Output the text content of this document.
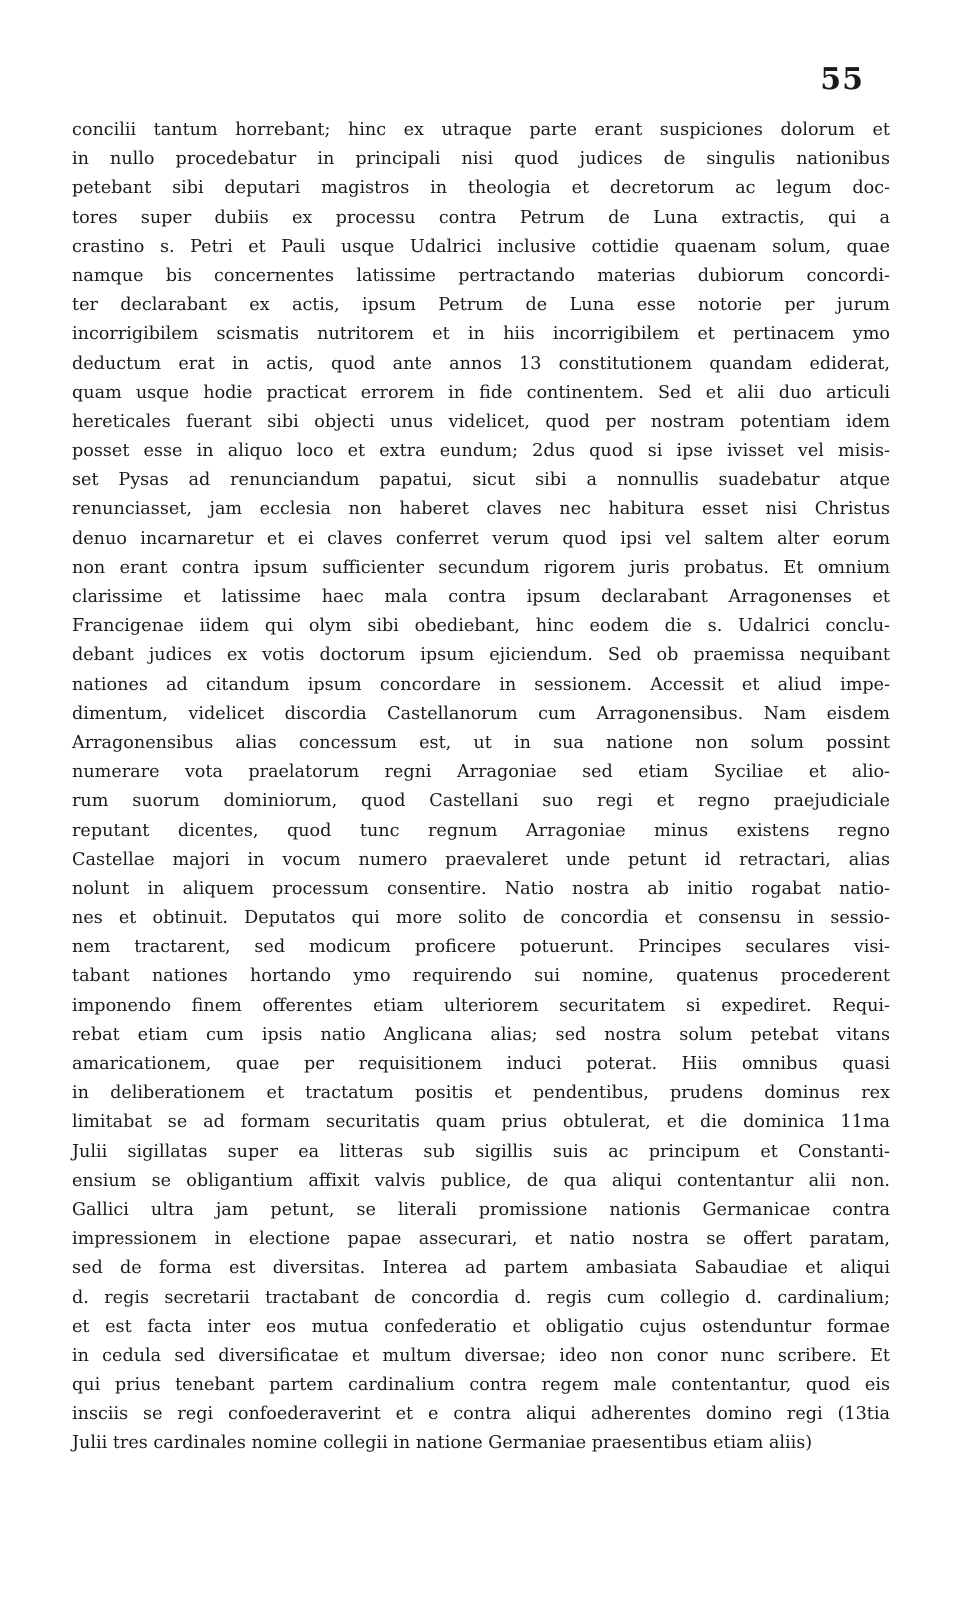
55
concilii tantum horrebant; hinc ex utraque parte erant suspiciones dolorum et
in nullo procedebatur in principali nisi quod judices de singulis nationibus
petebant sibi deputari magistros in theologia et decretorum ac legum doc-
tores super dubiis ex processu contra Petrum de Luna extractis, qui a
crastino s. Petri et Pauli usque Udalrici inclusive cottidie quaenam solum, quae
namque bis concernentes latissime pertractando materias dubiorum concordi-
ter declarabant ex actis, ipsum Petrum de Luna esse notorie per jurum
incorrigibilem scismatis nutritorem et in hiis incorrigibilem et pertinacem ymo
deductum erat in actis, quod ante annos 13 constitutionem quandam ediderat,
quam usque hodie practicat errorem in fide continentem. Sed et alii duo articuli
hereticales fuerant sibi objecti unus videlicet, quod per nostram potentiam idem
posset esse in aliquo loco et extra eundum; 2dus quod si ipse ivisset vel misis-
set Pysas ad renunciandum papatui, sicut sibi a nonnullis suadebatur atque
renunciasset, jam ecclesia non haberet claves nec habitura esset nisi Christus
denuo incarnaretur et ei claves conferret verum quod ipsi vel saltem alter eorum
non erant contra ipsum sufficienter secundum rigorem juris probatus. Et omnium
clarissime et latissime haec mala contra ipsum declarabant Arragonenses et
Francigenae iidem qui olym sibi obediebant, hinc eodem die s. Udalrici conclu-
debant judices ex votis doctorum ipsum ejiciendum. Sed ob praemissa nequibant
nationes ad citandum ipsum concordare in sessionem. Accessit et aliud impe-
dimentum, videlicet discordia Castellanorum cum Arragonensibus. Nam eisdem
Arragonensibus alias concessum est, ut in sua natione non solum possint
numerare vota praelatorum regni Arragoniae sed etiam Syciliae et alio-
rum suorum dominiorum, quod Castellani suo regi et regno praejudiciale
reputant dicentes, quod tunc regnum Arragoniae minus existens regno
Castellae majori in vocum numero praevaleret unde petunt id retractari, alias
nolunt in aliquem processum consentire. Natio nostra ab initio rogabat natio-
nes et obtinuit. Deputatos qui more solito de concordia et consensu in sessio-
nem tractarent, sed modicum proficere potuerunt. Principes seculares visi-
tabant nationes hortando ymo requirendo sui nomine, quatenus procederent
imponendo finem offerentes etiam ulteriorem securitatem si expediret. Requi-
rebat etiam cum ipsis natio Anglicana alias; sed nostra solum petebat vitans
amaricationem, quae per requisitionem induci poterat. Hiis omnibus quasi
in deliberationem et tractatum positis et pendentibus, prudens dominus rex
limitabat se ad formam securitatis quam prius obtulerat, et die dominica 11ma
Julii sigillatas super ea litteras sub sigillis suis ac principum et Constanti-
ensium se obligantium affixit valvis publice, de qua aliqui contentantur alii non.
Gallici ultra jam petunt, se literali promissione nationis Germanicae contra
impressionem in electione papae assecurari, et natio nostra se offert paratam,
sed de forma est diversitas. Interea ad partem ambasiata Sabaudiae et aliqui
d. regis secretarii tractabant de concordia d. regis cum collegio d. cardinalium;
et est facta inter eos mutua confederatio et obligatio cujus ostenduntur formae
in cedula sed diversificatae et multum diversae; ideo non conor nunc scribere. Et
qui prius tenebant partem cardinalium contra regem male contentantur, quod eis
insciis se regi confoederaverint et e contra aliqui adherentes domino regi (13tia
Julii tres cardinales nomine collegii in natione Germaniae praesentibus etiam aliis)
